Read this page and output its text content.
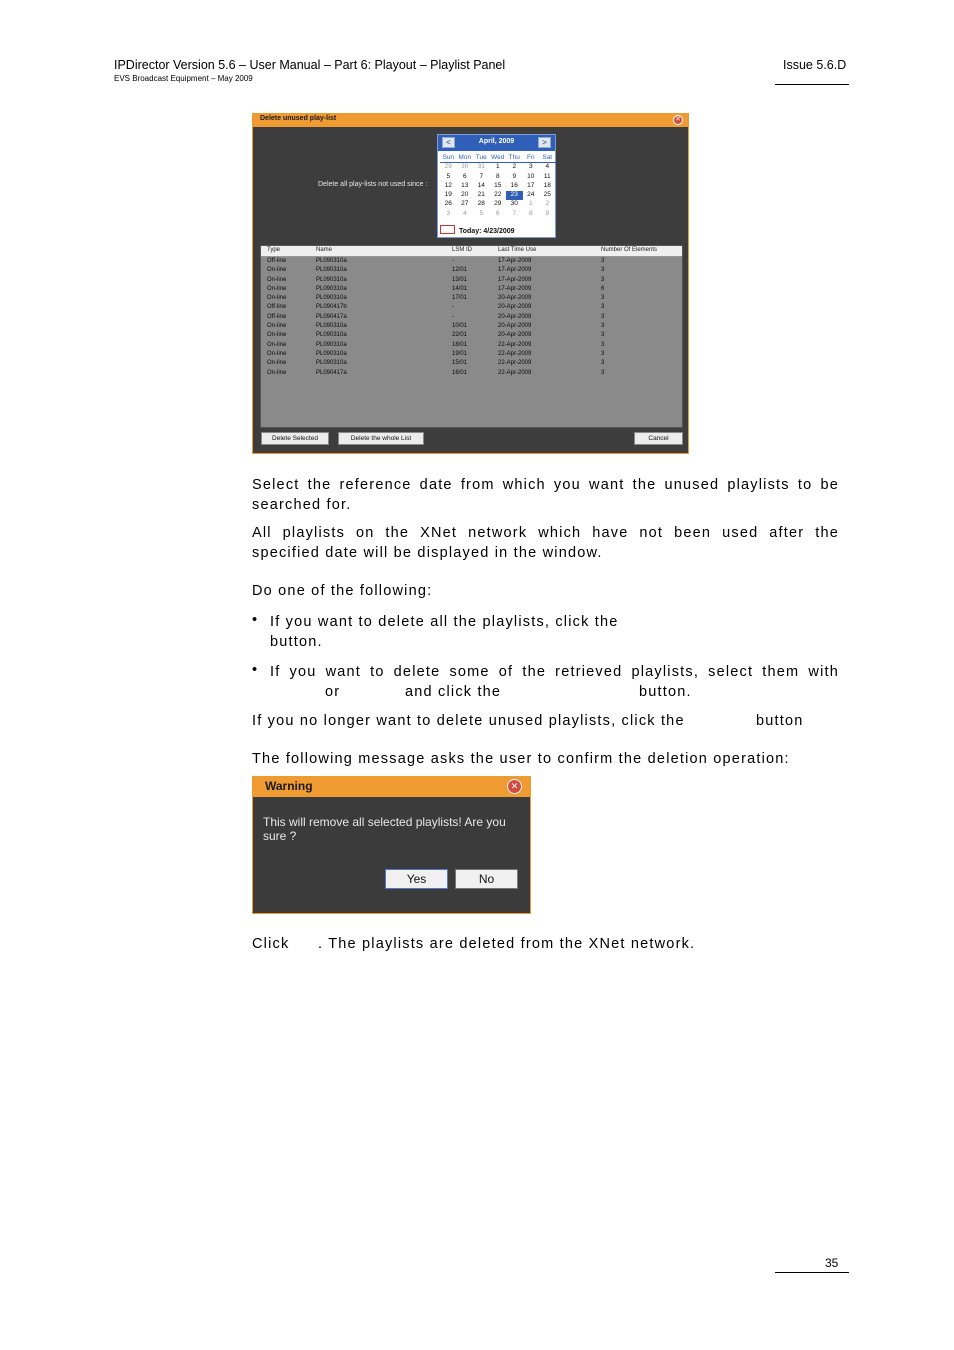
IPDirector Version 5.6 – User Manual – Part 6: Playout – Playlist Panel
EVS Broadcast Equipment – May 2009
Issue 5.6.D
Delete unused play-list	✕
Delete all play-lists not used since :
April, 2009
<	>
Sun Mon Tue Wed Thu	Fri	Sat
29	30	31	1	2	3	4
5	6	7	8	9	10	11
12	13	14	15	16	17	18
19	20	21	22	23	24	25
26	27	28	29	30	1	2
3	4	5	6	7	8	9
Today: 4/23/2009
Type	Name	LSM ID	Last Time Use	Number Of Elements
Off-line	PL090310a	-	17-Apr-2009	3
On-line	PL090310a	12/01	17-Apr-2009	3
On-line	PL090310a	13/01	17-Apr-2009	3
On-line	PL090310a	14/01	17-Apr-2009	6
On-line	PL090310a	17/01	20-Apr-2009	3
Off-line	PL090417b	-	20-Apr-2009	3
Off-line	PL090417a	-	20-Apr-2009	3
On-line	PL090310a	10/01	20-Apr-2009	3
On-line	PL090310a	22/01	20-Apr-2009	3
On-line	PL090310a	18/01	22-Apr-2009	3
On-line	PL090310a	19/01	22-Apr-2009	3
On-line	PL090310a	15/01	22-Apr-2009	3
On-line	PL090417a	16/01	22-Apr-2009	3
Delete Selected	Delete the whole List	Cancel
Select the reference date from which you want the unused playlists to be searched for.
All playlists on the XNet network which have not been used after the specified date will be displayed in the window.
Do one of the following:
• If you want to delete all the playlists, click the
button.
• If you want to delete some of the retrieved playlists, select them with
or	and click the	button.
If you no longer want to delete unused playlists, click the	button
The following message asks the user to confirm the deletion operation:
Warning	✕
This will remove all selected playlists! Are you sure ?
Yes	No
Click . The playlists are deleted from the XNet network.
35
